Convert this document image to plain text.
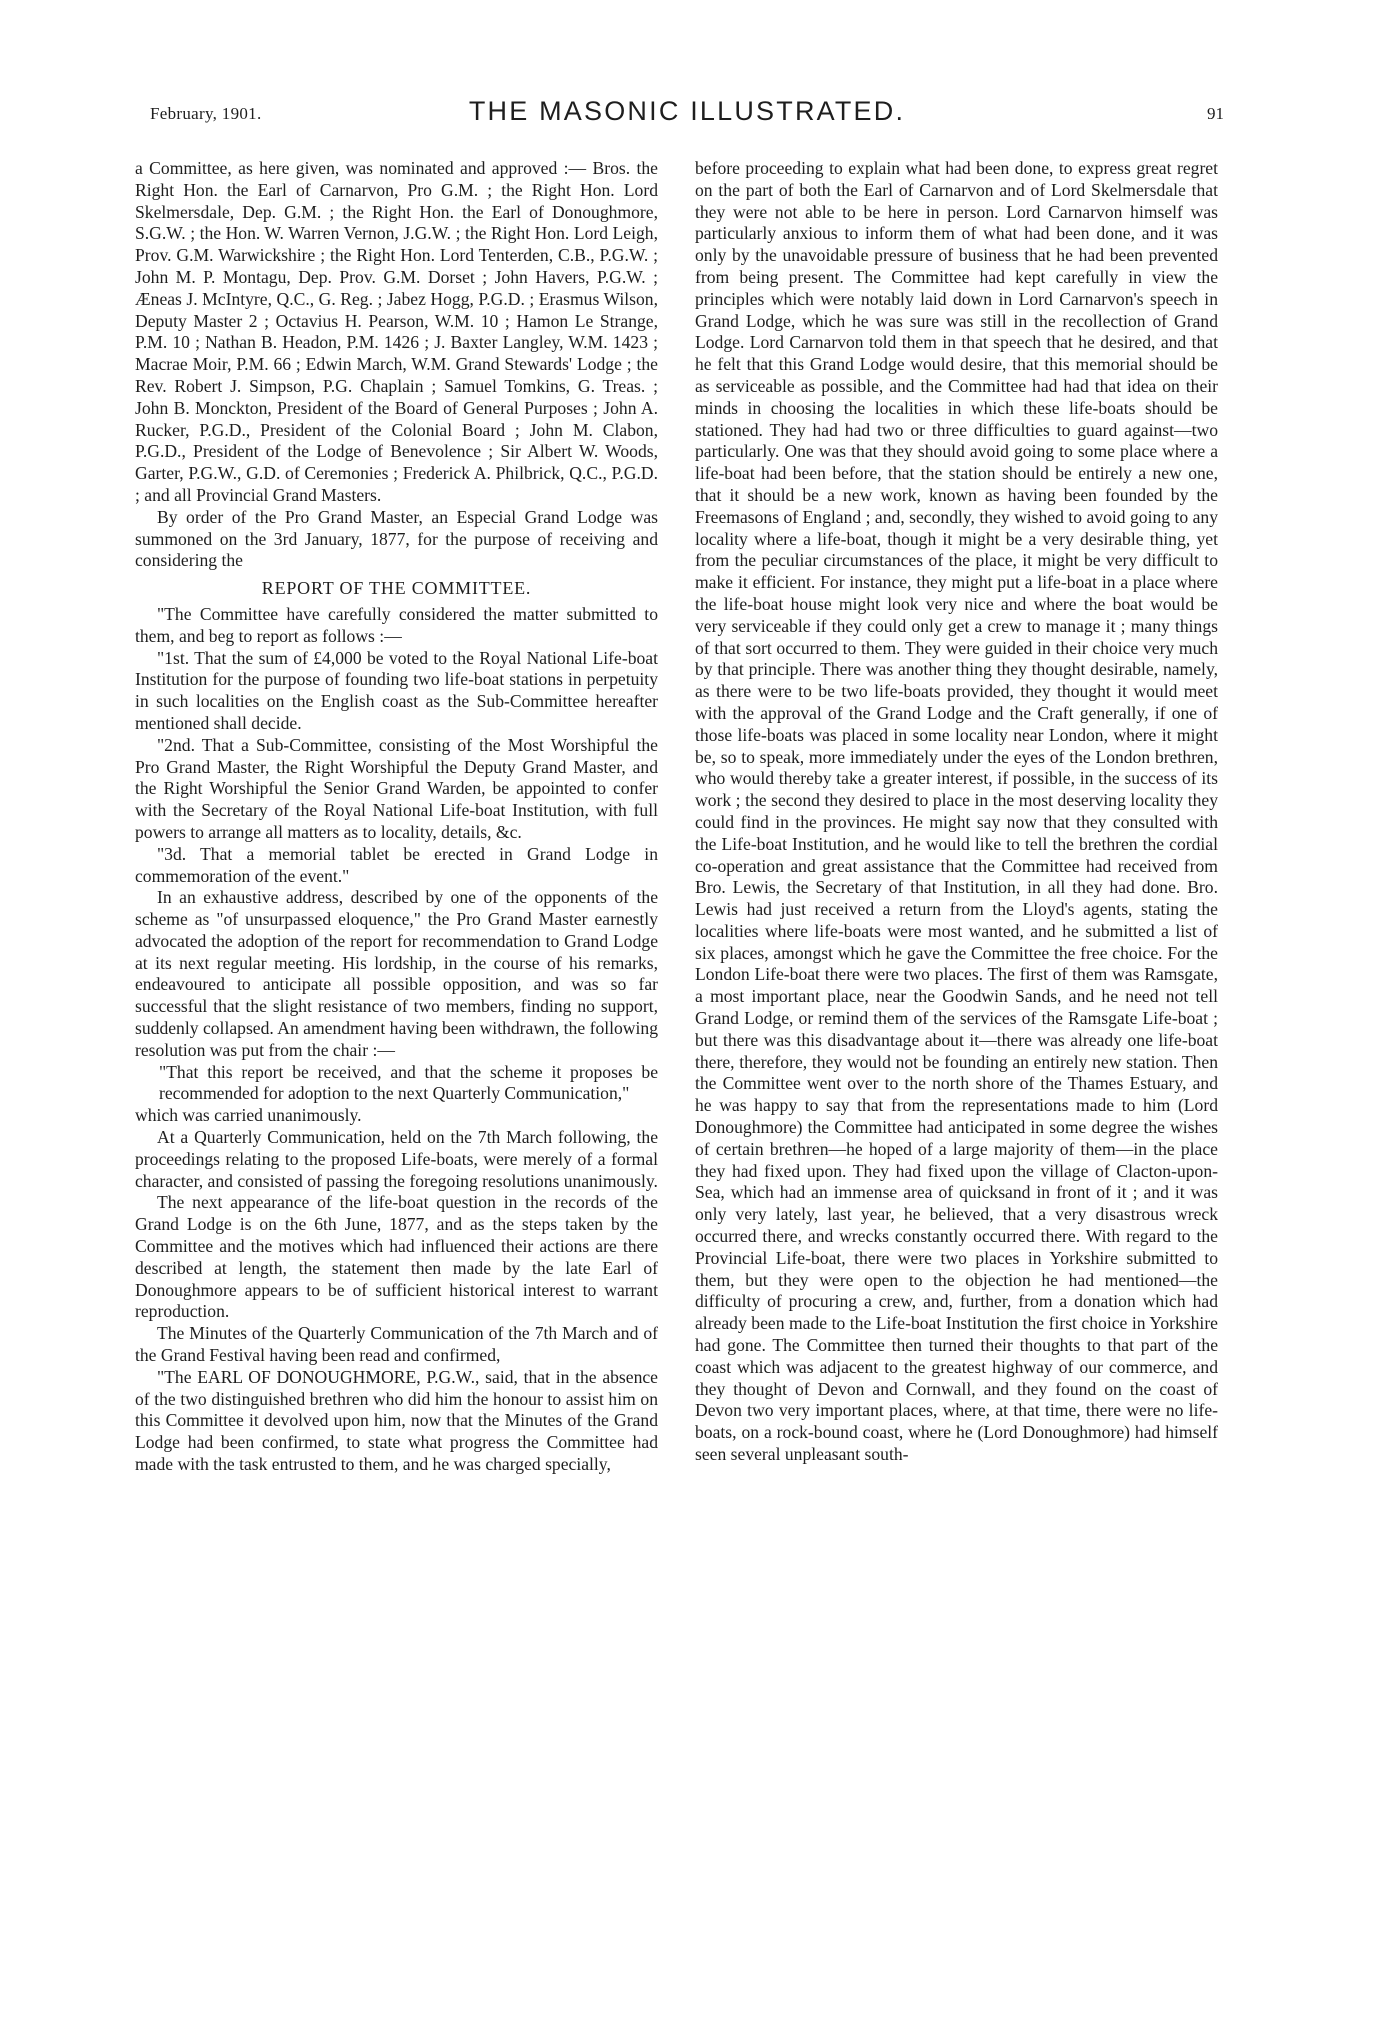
February, 1901.	THE MASONIC ILLUSTRATED.	91

a Committee, as here given, was nominated and approved :— Bros. the Right Hon. the Earl of Carnarvon, Pro G.M. ; the Right Hon. Lord Skelmersdale, Dep. G.M. ; the Right Hon. the Earl of Donoughmore, S.G.W. ; the Hon. W. Warren Vernon, J.G.W. ; the Right Hon. Lord Leigh, Prov. G.M. Warwickshire ; the Right Hon. Lord Tenterden, C.B., P.G.W. ; John M. P. Montagu, Dep. Prov. G.M. Dorset ; John Havers, P.G.W. ; Æneas J. McIntyre, Q.C., G. Reg. ; Jabez Hogg, P.G.D. ; Erasmus Wilson, Deputy Master 2 ; Octavius H. Pearson, W.M. 10 ; Hamon Le Strange, P.M. 10 ; Nathan B. Headon, P.M. 1426 ; J. Baxter Langley, W.M. 1423 ; Macrae Moir, P.M. 66 ; Edwin March, W.M. Grand Stewards' Lodge ; the Rev. Robert J. Simpson, P.G. Chaplain ; Samuel Tomkins, G. Treas. ; John B. Monckton, President of the Board of General Purposes ; John A. Rucker, P.G.D., President of the Colonial Board ; John M. Clabon, P.G.D., President of the Lodge of Benevolence ; Sir Albert W. Woods, Garter, P.G.W., G.D. of Ceremonies ; Frederick A. Philbrick, Q.C., P.G.D. ; and all Provincial Grand Masters.

By order of the Pro Grand Master, an Especial Grand Lodge was summoned on the 3rd January, 1877, for the purpose of receiving and considering the

REPORT OF THE COMMITTEE.

"The Committee have carefully considered the matter submitted to them, and beg to report as follows :—

"1st. That the sum of £4,000 be voted to the Royal National Life-boat Institution for the purpose of founding two life-boat stations in perpetuity in such localities on the English coast as the Sub-Committee hereafter mentioned shall decide.

"2nd. That a Sub-Committee, consisting of the Most Worshipful the Pro Grand Master, the Right Worshipful the Deputy Grand Master, and the Right Worshipful the Senior Grand Warden, be appointed to confer with the Secretary of the Royal National Life-boat Institution, with full powers to arrange all matters as to locality, details, &c.

"3d. That a memorial tablet be erected in Grand Lodge in commemoration of the event."

In an exhaustive address, described by one of the opponents of the scheme as "of unsurpassed eloquence," the Pro Grand Master earnestly advocated the adoption of the report for recommendation to Grand Lodge at its next regular meeting. His lordship, in the course of his remarks, endeavoured to anticipate all possible opposition, and was so far successful that the slight resistance of two members, finding no support, suddenly collapsed. An amendment having been withdrawn, the following resolution was put from the chair :—

"That this report be received, and that the scheme it proposes be recommended for adoption to the next Quarterly Communication,"

which was carried unanimously.

At a Quarterly Communication, held on the 7th March following, the proceedings relating to the proposed Life-boats, were merely of a formal character, and consisted of passing the foregoing resolutions unanimously.

The next appearance of the life-boat question in the records of the Grand Lodge is on the 6th June, 1877, and as the steps taken by the Committee and the motives which had influenced their actions are there described at length, the statement then made by the late Earl of Donoughmore appears to be of sufficient historical interest to warrant reproduction.

The Minutes of the Quarterly Communication of the 7th March and of the Grand Festival having been read and confirmed,

"The EARL OF DONOUGHMORE, P.G.W., said, that in the absence of the two distinguished brethren who did him the honour to assist him on this Committee it devolved upon him, now that the Minutes of the Grand Lodge had been confirmed, to state what progress the Committee had made with the task entrusted to them, and he was charged specially,

before proceeding to explain what had been done, to express great regret on the part of both the Earl of Carnarvon and of Lord Skelmersdale that they were not able to be here in person. Lord Carnarvon himself was particularly anxious to inform them of what had been done, and it was only by the unavoidable pressure of business that he had been prevented from being present. The Committee had kept carefully in view the principles which were notably laid down in Lord Carnarvon's speech in Grand Lodge, which he was sure was still in the recollection of Grand Lodge. Lord Carnarvon told them in that speech that he desired, and that he felt that this Grand Lodge would desire, that this memorial should be as serviceable as possible, and the Committee had had that idea on their minds in choosing the localities in which these life-boats should be stationed. They had had two or three difficulties to guard against—two particularly. One was that they should avoid going to some place where a life-boat had been before, that the station should be entirely a new one, that it should be a new work, known as having been founded by the Freemasons of England ; and, secondly, they wished to avoid going to any locality where a life-boat, though it might be a very desirable thing, yet from the peculiar circumstances of the place, it might be very difficult to make it efficient. For instance, they might put a life-boat in a place where the life-boat house might look very nice and where the boat would be very serviceable if they could only get a crew to manage it ; many things of that sort occurred to them. They were guided in their choice very much by that principle. There was another thing they thought desirable, namely, as there were to be two life-boats provided, they thought it would meet with the approval of the Grand Lodge and the Craft generally, if one of those life-boats was placed in some locality near London, where it might be, so to speak, more immediately under the eyes of the London brethren, who would thereby take a greater interest, if possible, in the success of its work ; the second they desired to place in the most deserving locality they could find in the provinces. He might say now that they consulted with the Life-boat Institution, and he would like to tell the brethren the cordial co-operation and great assistance that the Committee had received from Bro. Lewis, the Secretary of that Institution, in all they had done. Bro. Lewis had just received a return from the Lloyd's agents, stating the localities where life-boats were most wanted, and he submitted a list of six places, amongst which he gave the Committee the free choice. For the London Life-boat there were two places. The first of them was Ramsgate, a most important place, near the Goodwin Sands, and he need not tell Grand Lodge, or remind them of the services of the Ramsgate Life-boat ; but there was this disadvantage about it—there was already one life-boat there, therefore, they would not be founding an entirely new station. Then the Committee went over to the north shore of the Thames Estuary, and he was happy to say that from the representations made to him (Lord Donoughmore) the Committee had anticipated in some degree the wishes of certain brethren—he hoped of a large majority of them—in the place they had fixed upon. They had fixed upon the village of Clacton-upon-Sea, which had an immense area of quicksand in front of it ; and it was only very lately, last year, he believed, that a very disastrous wreck occurred there, and wrecks constantly occurred there. With regard to the Provincial Life-boat, there were two places in Yorkshire submitted to them, but they were open to the objection he had mentioned—the difficulty of procuring a crew, and, further, from a donation which had already been made to the Life-boat Institution the first choice in Yorkshire had gone. The Committee then turned their thoughts to that part of the coast which was adjacent to the greatest highway of our commerce, and they thought of Devon and Cornwall, and they found on the coast of Devon two very important places, where, at that time, there were no life-boats, on a rock-bound coast, where he (Lord Donoughmore) had himself seen several unpleasant south-
